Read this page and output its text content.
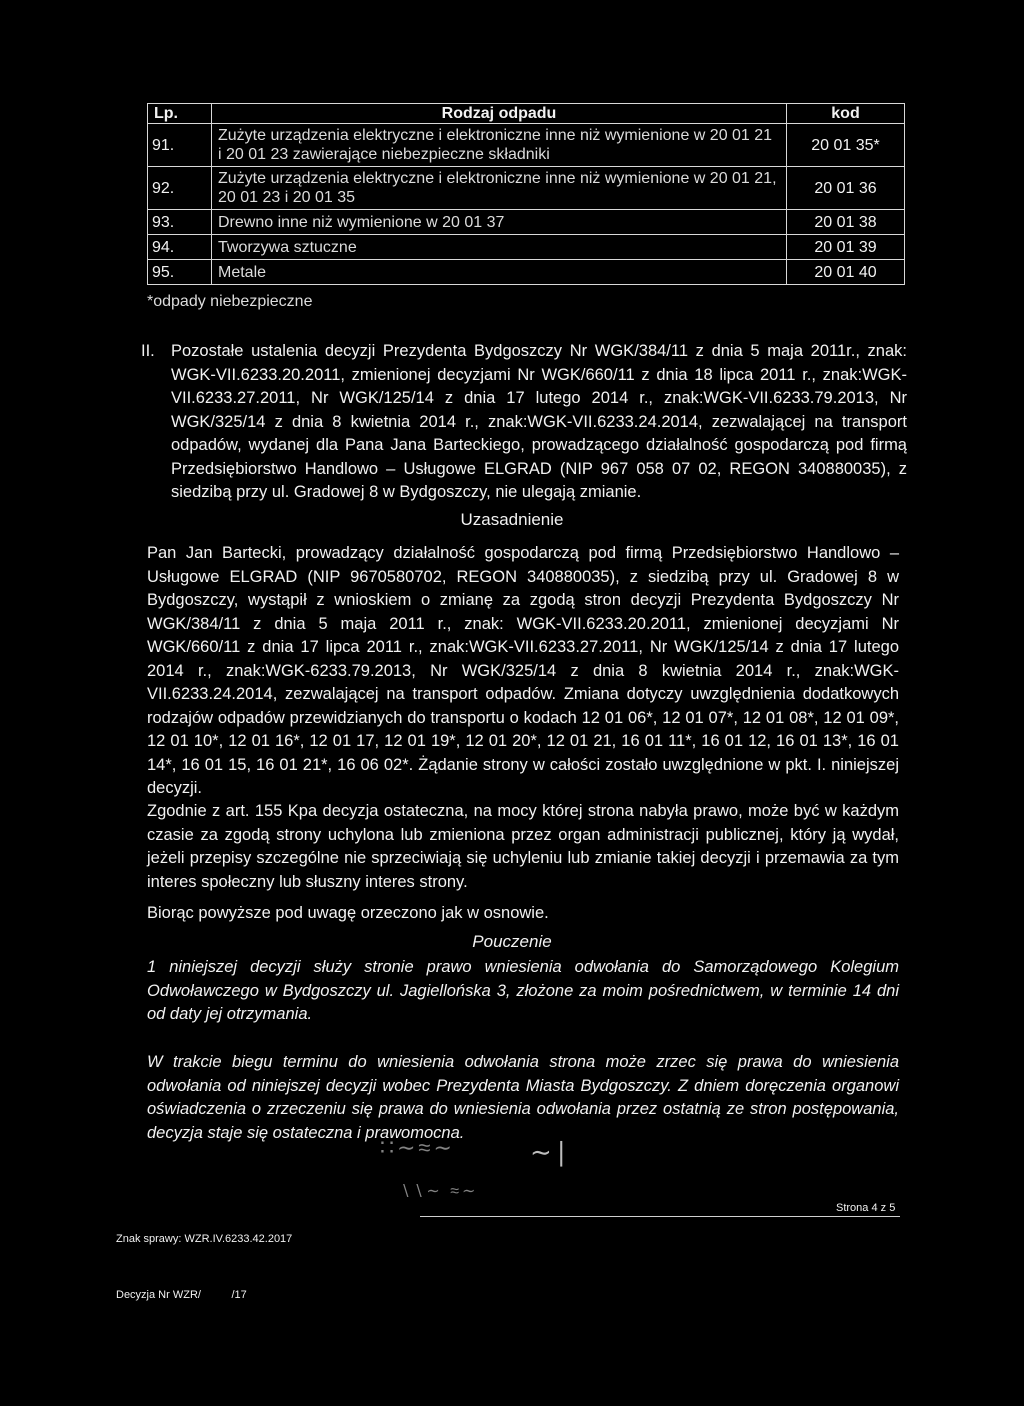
Lp.	Rodzaj odpadu	kod
91.	Zużyte urządzenia elektryczne i elektroniczne inne niż wymienione w 20 01 21
i 20 01 23 zawierające niebezpieczne składniki	20 01 35*
92.	Zużyte urządzenia elektryczne i elektroniczne inne niż wymienione w 20 01 21,
20 01 23 i 20 01 35	20 01 36
93.	Drewno inne niż wymienione w 20 01 37	20 01 38
94.	Tworzywa sztuczne	20 01 39
95.	Metale	20 01 40
*odpady niebezpieczne
II. Pozostałe ustalenia decyzji Prezydenta Bydgoszczy Nr WGK/384/11 z dnia 5 maja 2011r., znak: WGK-VII.6233.20.2011, zmienionej decyzjami Nr WGK/660/11 z dnia 18 lipca 2011 r., znak:WGK-VII.6233.27.2011, Nr WGK/125/14 z dnia 17 lutego 2014 r., znak:WGK-VII.6233.79.2013, Nr WGK/325/14 z dnia 8 kwietnia 2014 r., znak:WGK-VII.6233.24.2014, zezwalającej na transport odpadów, wydanej dla Pana Jana Barteckiego, prowadzącego działalność gospodarczą pod firmą Przedsiębiorstwo Handlowo – Usługowe ELGRAD (NIP 967 058 07 02, REGON 340880035), z siedzibą przy ul. Gradowej 8 w Bydgoszczy, nie ulegają zmianie.
Uzasadnienie
Pan Jan Bartecki, prowadzący działalność gospodarczą pod firmą Przedsiębiorstwo Handlowo – Usługowe ELGRAD (NIP 9670580702, REGON 340880035), z siedzibą przy ul. Gradowej 8 w Bydgoszczy, wystąpił z wnioskiem o zmianę za zgodą stron decyzji Prezydenta Bydgoszczy Nr WGK/384/11 z dnia 5 maja 2011 r., znak: WGK-VII.6233.20.2011, zmienionej decyzjami Nr WGK/660/11 z dnia 17 lipca 2011 r., znak:WGK-VII.6233.27.2011, Nr WGK/125/14 z dnia 17 lutego 2014 r., znak:WGK-6233.79.2013, Nr WGK/325/14 z dnia 8 kwietnia 2014 r., znak:WGK-VII.6233.24.2014, zezwalającej na transport odpadów. Zmiana dotyczy uwzględnienia dodatkowych rodzajów odpadów przewidzianych do transportu o kodach 12 01 06*, 12 01 07*, 12 01 08*, 12 01 09*, 12 01 10*, 12 01 16*, 12 01 17, 12 01 19*, 12 01 20*, 12 01 21, 16 01 11*, 16 01 12, 16 01 13*, 16 01 14*, 16 01 15, 16 01 21*, 16 06 02*. Żądanie strony w całości zostało uwzględnione w pkt. I. niniejszej decyzji.
Zgodnie z art. 155 Kpa decyzja ostateczna, na mocy której strona nabyła prawo, może być w każdym czasie za zgodą strony uchylona lub zmieniona przez organ administracji publicznej, który ją wydał, jeżeli przepisy szczególne nie sprzeciwiają się uchyleniu lub zmianie takiej decyzji i przemawia za tym interes społeczny lub słuszny interes strony.
Biorąc powyższe pod uwagę orzeczono jak w osnowie.
Pouczenie
1 niniejszej decyzji służy stronie prawo wniesienia odwołania do Samorządowego Kolegium Odwoławczego w Bydgoszczy ul. Jagiellońska 3, złożone za moim pośrednictwem, w terminie 14 dni od daty jej otrzymania.
W trakcie biegu terminu do wniesienia odwołania strona może zrzec się prawa do wniesienia odwołania od niniejszej decyzji wobec Prezydenta Miasta Bydgoszczy. Z dniem doręczenia organowi oświadczenia o zrzeczeniu się prawa do wniesienia odwołania przez ostatnią ze stron postępowania, decyzja staje się ostateczna i prawomocna.
∷∼≈∼	∼∣
∖∖∼ ≈∼
Strona 4 z 5
Znak sprawy: WZR.IV.6233.42.2017
Decyzja Nr WZR/          /17
